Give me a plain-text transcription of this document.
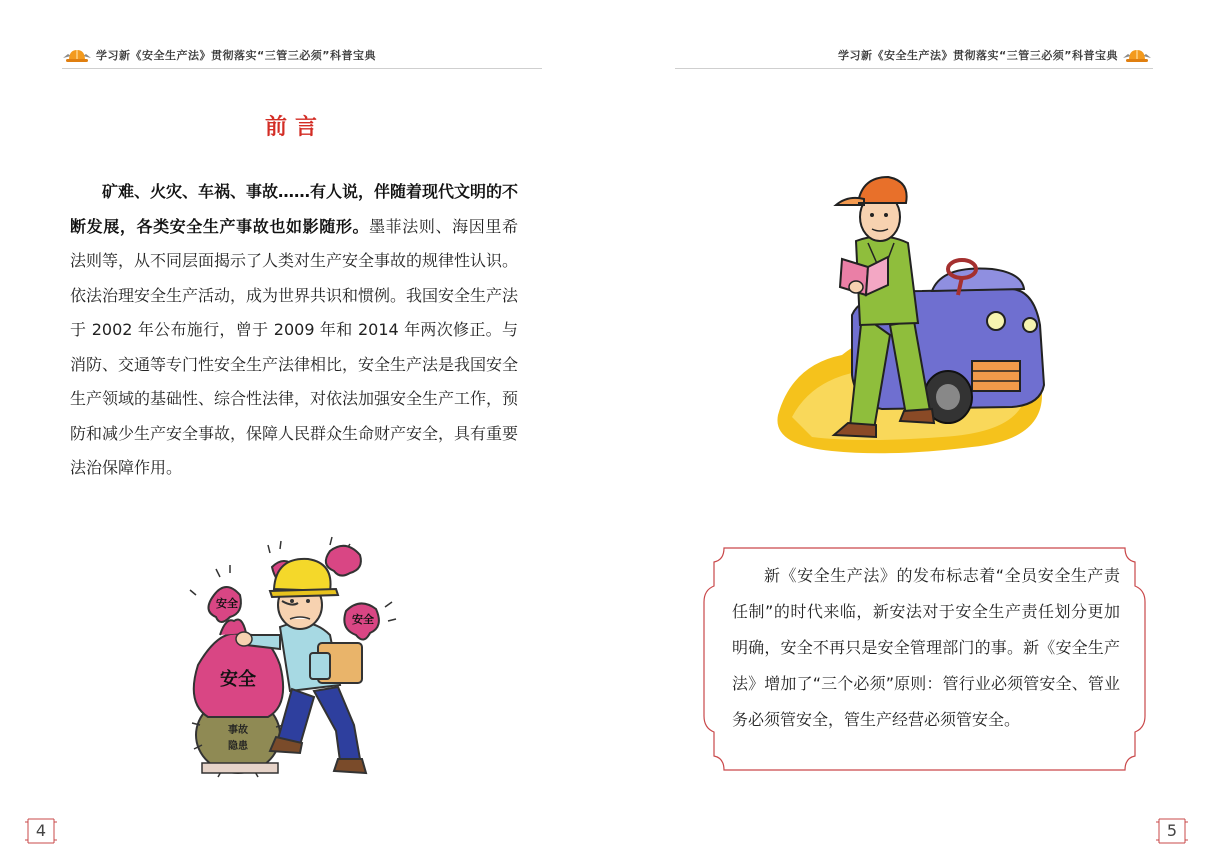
学习新《安全生产法》贯彻落实“三管三必须”科普宝典
前言

矿难、火灾、车祸、事故……有人说，伴随着现代文明的不断发展，各类安全生产事故也如影随形。墨菲法则、海因里希法则等，从不同层面揭示了人类对生产安全事故的规律性认识。依法治理安全生产活动，成为世界共识和惯例。我国安全生产法于 2002 年公布施行，曾于 2009 年和 2014 年两次修正。与消防、交通等专门性安全生产法律相比，安全生产法是我国安全生产领域的基础性、综合性法律，对依法加强安全生产工作，预防和减少生产安全事故，保障人民群众生命财产安全，具有重要法治保障作用。

事故
隐患
安全
安全
安全
4
学习新《安全生产法》贯彻落实“三管三必须”科普宝典

新《安全生产法》的发布标志着“全员安全生产责任制”的时代来临，新安法对于安全生产责任划分更加明确，安全不再只是安全管理部门的事。新《安全生产法》增加了“三个必须”原则：管行业必须管安全、管业务必须管安全，管生产经营必须管安全。

5
